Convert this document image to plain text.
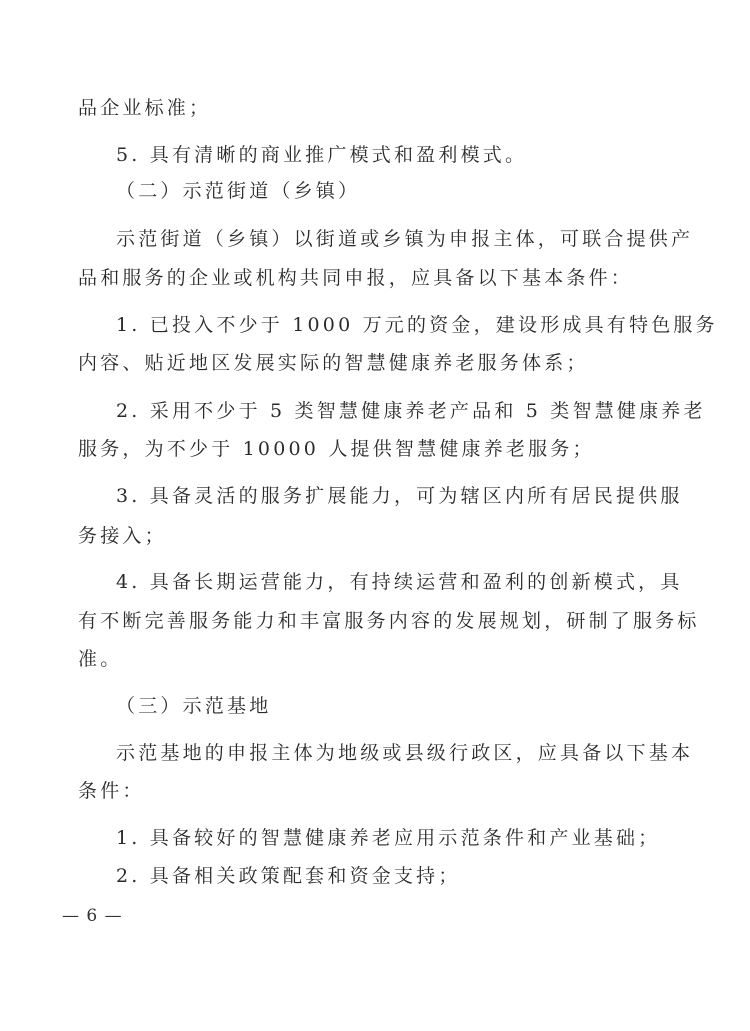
品企业标准；
5. 具有清晰的商业推广模式和盈利模式。
（二）示范街道（乡镇）
示范街道（乡镇）以街道或乡镇为申报主体，可联合提供产
品和服务的企业或机构共同申报，应具备以下基本条件：
1. 已投入不少于 1000 万元的资金，建设形成具有特色服务
内容、贴近地区发展实际的智慧健康养老服务体系；
2. 采用不少于 5 类智慧健康养老产品和 5 类智慧健康养老
服务，为不少于 10000 人提供智慧健康养老服务；
3. 具备灵活的服务扩展能力，可为辖区内所有居民提供服
务接入；
4. 具备长期运营能力，有持续运营和盈利的创新模式，具
有不断完善服务能力和丰富服务内容的发展规划，研制了服务标
准。
（三）示范基地
示范基地的申报主体为地级或县级行政区，应具备以下基本
条件：
1. 具备较好的智慧健康养老应用示范条件和产业基础；
2. 具备相关政策配套和资金支持；
— 6 —
